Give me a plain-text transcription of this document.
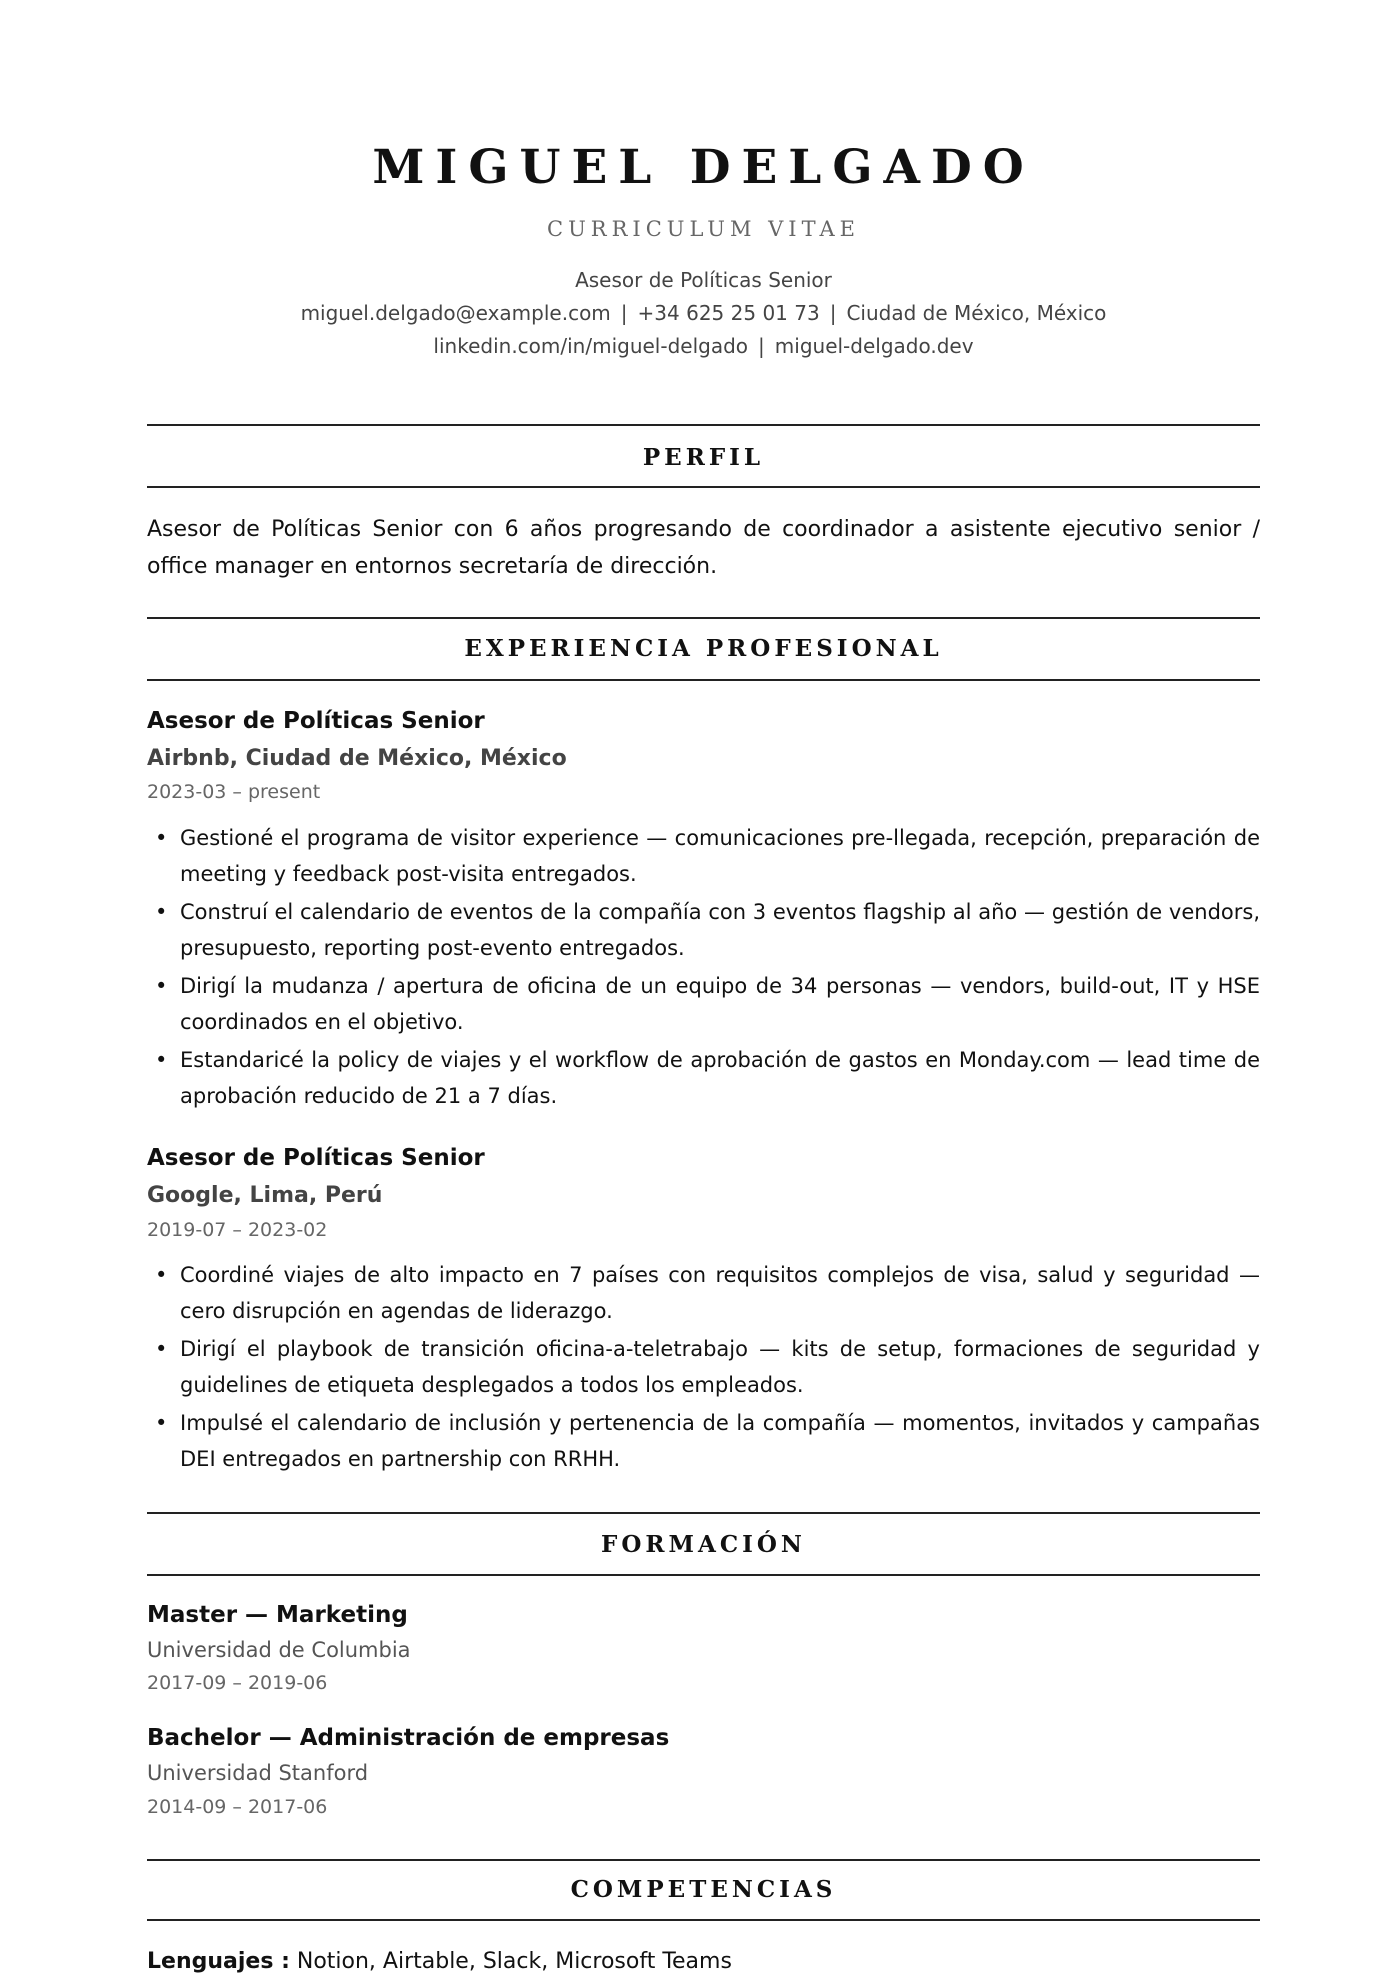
MIGUEL DELGADO
CURRICULUM VITAE
Asesor de Políticas Senior
miguel.delgado@example.com | +34 625 25 01 73 | Ciudad de México, México
linkedin.com/in/miguel-delgado | miguel-delgado.dev
PERFIL
Asesor de Políticas Senior con 6 años progresando de coordinador a asistente ejecutivo senior / office manager en entornos secretaría de dirección.
EXPERIENCIA PROFESIONAL
Asesor de Políticas Senior
Airbnb, Ciudad de México, México
2023-03 – present
• Gestioné el programa de visitor experience — comunicaciones pre-llegada, recepción, preparación de meeting y feedback post-visita entregados.
• Construí el calendario de eventos de la compañía con 3 eventos flagship al año — gestión de vendors, presupuesto, reporting post-evento entregados.
• Dirigí la mudanza / apertura de oficina de un equipo de 34 personas — vendors, build-out, IT y HSE coordinados en el objetivo.
• Estandaricé la policy de viajes y el workflow de aprobación de gastos en Monday.com — lead time de aprobación reducido de 21 a 7 días.
Asesor de Políticas Senior
Google, Lima, Perú
2019-07 – 2023-02
• Coordiné viajes de alto impacto en 7 países con requisitos complejos de visa, salud y seguridad — cero disrupción en agendas de liderazgo.
• Dirigí el playbook de transición oficina-a-teletrabajo — kits de setup, formaciones de seguridad y guidelines de etiqueta desplegados a todos los empleados.
• Impulsé el calendario de inclusión y pertenencia de la compañía — momentos, invitados y campañas DEI entregados en partnership con RRHH.
FORMACIÓN
Master — Marketing
Universidad de Columbia
2017-09 – 2019-06
Bachelor — Administración de empresas
Universidad Stanford
2014-09 – 2017-06
COMPETENCIAS
Lenguajes : Notion, Airtable, Slack, Microsoft Teams
